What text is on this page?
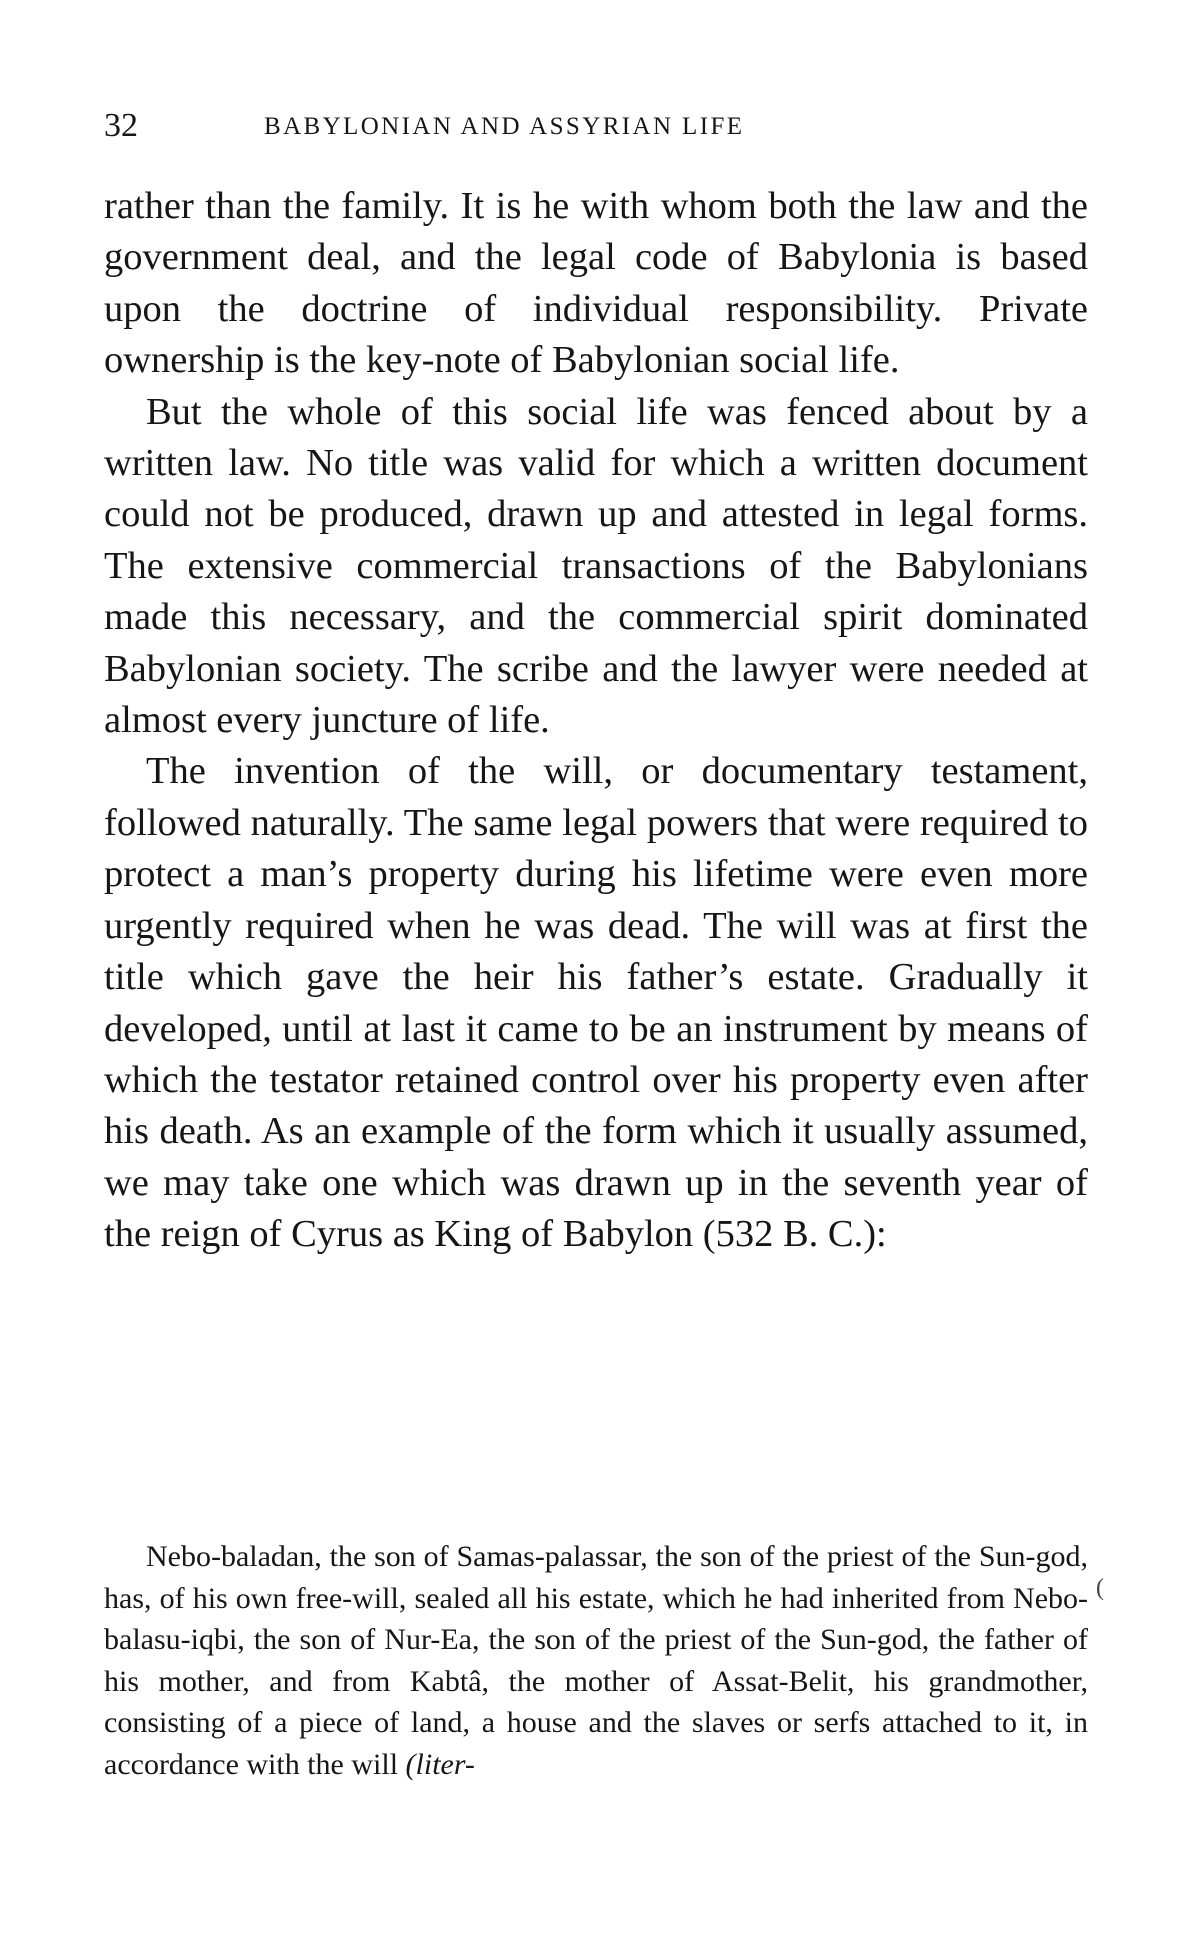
32	BABYLONIAN AND ASSYRIAN LIFE

rather than the family. It is he with whom both the law and the government deal, and the legal code of Babylonia is based upon the doctrine of individual responsibility. Private ownership is the key-note of Babylonian social life.

But the whole of this social life was fenced about by a written law. No title was valid for which a written document could not be produced, drawn up and attested in legal forms. The extensive commercial transactions of the Babylonians made this necessary, and the commercial spirit dominated Babylonian society. The scribe and the lawyer were needed at almost every juncture of life.

The invention of the will, or documentary testament, followed naturally. The same legal powers that were required to protect a man’s property during his lifetime were even more urgently required when he was dead. The will was at first the title which gave the heir his father’s estate. Gradually it developed, until at last it came to be an instrument by means of which the testator retained control over his property even after his death. As an example of the form which it usually assumed, we may take one which was drawn up in the seventh year of the reign of Cyrus as King of Babylon (532 B. C.):

Nebo-baladan, the son of Samas-palassar, the son of the priest of the Sun-god, has, of his own free-will, sealed all his estate, which he had inherited from Nebo-balasu-iqbi, the son of Nur-Ea, the son of the priest of the Sun-god, the father of his mother, and from Kabtâ, the mother of Assat-Belit, his grandmother, consisting of a piece of land, a house and the slaves or serfs attached to it, in accordance with the will (liter-

(
